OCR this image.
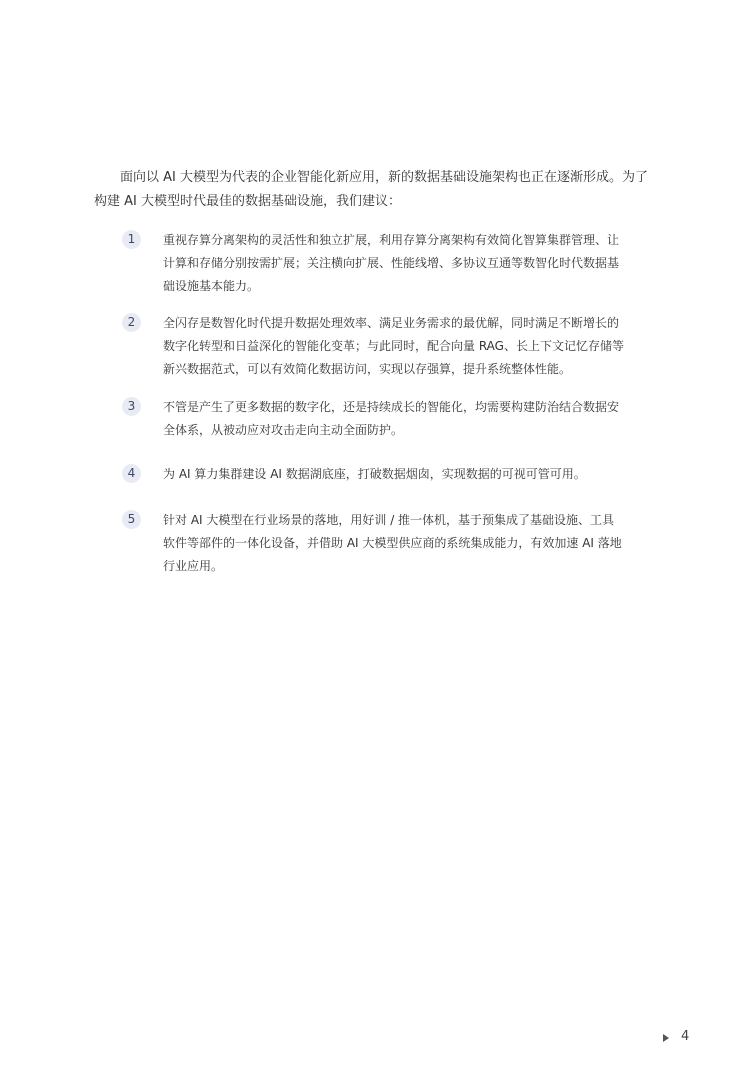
面向以 AI 大模型为代表的企业智能化新应用，新的数据基础设施架构也正在逐渐形成。为了构建 AI 大模型时代最佳的数据基础设施，我们建议：

1	重视存算分离架构的灵活性和独立扩展，利用存算分离架构有效简化智算集群管理、让计算和存储分别按需扩展；关注横向扩展、性能线增、多协议互通等数智化时代数据基础设施基本能力。

2	全闪存是数智化时代提升数据处理效率、满足业务需求的最优解，同时满足不断增长的数字化转型和日益深化的智能化变革；与此同时，配合向量 RAG、长上下文记忆存储等新兴数据范式，可以有效简化数据访问，实现以存强算，提升系统整体性能。

3	不管是产生了更多数据的数字化，还是持续成长的智能化，均需要构建防治结合数据安全体系，从被动应对攻击走向主动全面防护。

4	为 AI 算力集群建设 AI 数据湖底座，打破数据烟囱，实现数据的可视可管可用。

5	针对 AI 大模型在行业场景的落地，用好训 / 推一体机，基于预集成了基础设施、工具软件等部件的一体化设备，并借助 AI 大模型供应商的系统集成能力，有效加速 AI 落地行业应用。

4
